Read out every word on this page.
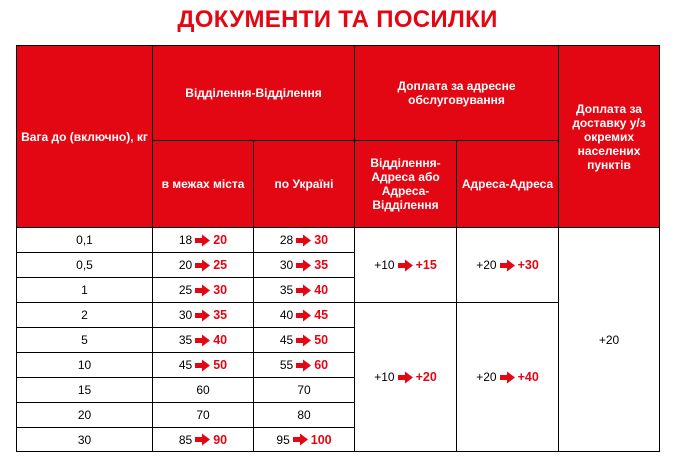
ДОКУМЕНТИ ТА ПОСИЛКИ
Вага до (включно), кг	Відділення-Відділення		Доплата за адресне обслуговування		Доплата за доставку у/з окремих населених пунктів
	в межах міста	по Україні	Відділення-Адреса або Адреса-Відділення	Адреса-Адреса	
0,1	18 20	28 30	+10 +15	+20 +30	+20
0,5	20 25	30 35			

1	25 30	35 40			

2	30 35	40 45	+10 +20	+20 +40	

5	35 40	45 50			

10	45 50	55 60			

15	60	70			
20	70	80			
30	85 90	95 100			
